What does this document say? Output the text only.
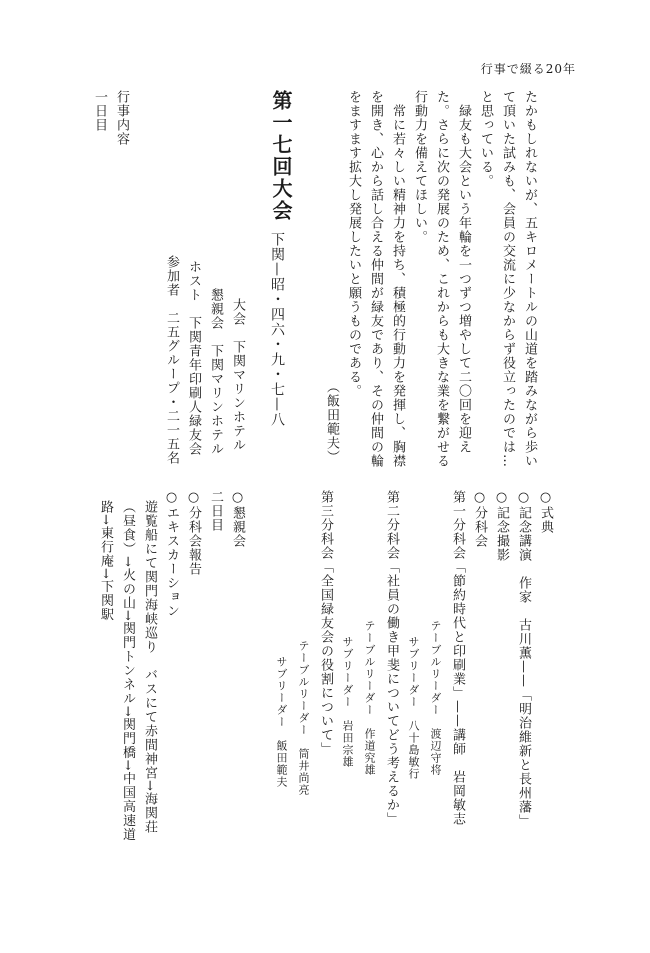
行事で綴る20年
たかもしれないが、五キロメートルの山道を踏みながら歩い
て頂いた試みも、会員の交流に少なからず役立ったのでは…
と思っている。
　緑友も大会という年輪を一つずつ増やして二〇回を迎え
た。さらに次の発展のため、これからも大きな業を繋がせる
行動力を備えてほしい。
　常に若々しい精神力を持ち、積極的行動力を発揮し、胸襟
を開き、心から話し合える仲間が緑友であり、その仲間の輪
をますます拡大し発展したいと願うものである。
（飯田範夫）
第一七回大会
下関—昭・四六・九・七—八
大会　下関マリンホテル
懇親会　下関マリンホテル
ホスト　下関青年印刷人緑友会
参加者　二五グループ・二一五名
行事内容
一日目
○式典
○記念講演　作家　古川薫——「明治維新と長州藩」
○記念撮影
○分科会
第一分科会「節約時代と印刷業」——講師　岩岡敏志
テーブルリーダー　渡辺守将
サブリーダー　八十島敏行
第二分科会「社員の働き甲斐についてどう考えるか」
テーブルリーダー　作道究雄
サブリーダー　岩田宗雄
第三分科会「全国緑友会の役割について」
テーブルリーダー　筒井尚亮
サブリーダー　飯田範夫
○懇親会
二日目
○分科会報告
○エキスカーション
遊覧船にて関門海峡巡り　バスにて赤間神宮→海関荘
（昼食）→火の山→関門トンネル→関門橋→中国高速道
路→東行庵→下関駅
